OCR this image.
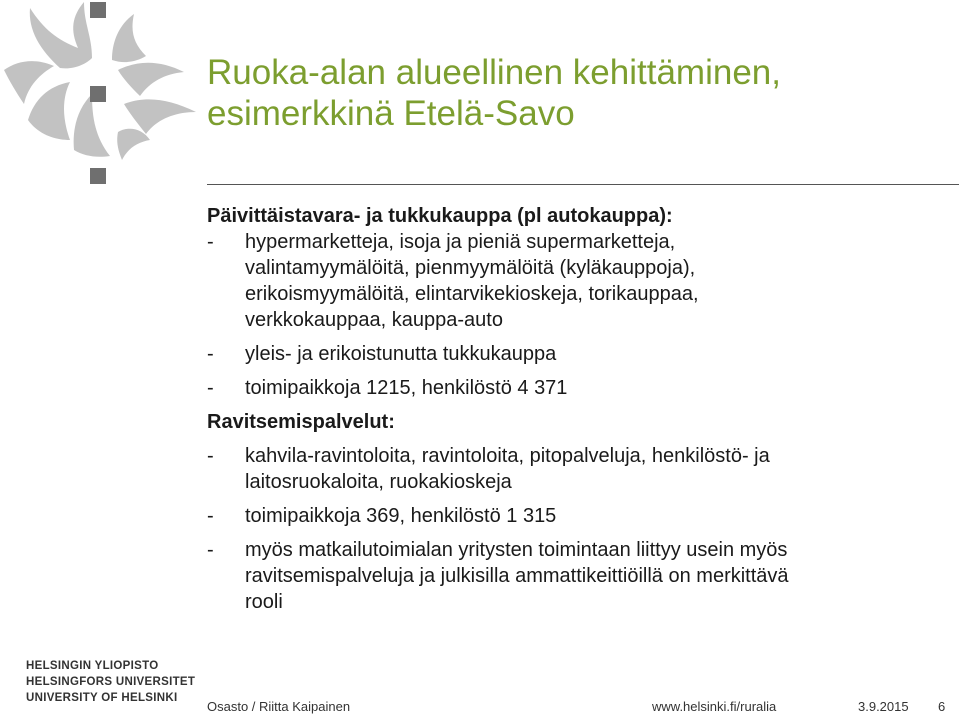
Ruoka-alan alueellinen kehittäminen,
esimerkkinä Etelä-Savo

Päivittäistavara- ja tukkukauppa (pl autokauppa):

- hypermarketteja, isoja ja pieniä supermarketteja,
valintamyymälöitä, pienmyymälöitä (kyläkauppoja),
erikoismyymälöitä, elintarvikekioskeja, torikauppaa,
verkkokauppaa, kauppa-auto
- yleis- ja erikoistunutta tukkukauppa
- toimipaikkoja 1215, henkilöstö 4 371

Ravitsemispalvelut:

- kahvila-ravintoloita, ravintoloita, pitopalveluja, henkilöstö- ja
laitosruokaloita, ruokakioskeja
- toimipaikkoja 369, henkilöstö 1 315
- myös matkailutoimialan yritysten toimintaan liittyy usein myös
ravitsemispalveluja ja julkisilla ammattikeittiöillä on merkittävä
rooli
HELSINGIN YLIOPISTO
HELSINGFORS UNIVERSITET
UNIVERSITY OF HELSINKI
Osasto / Riitta Kaipainen	www.helsinki.fi/ruralia	3.9.2015 6
